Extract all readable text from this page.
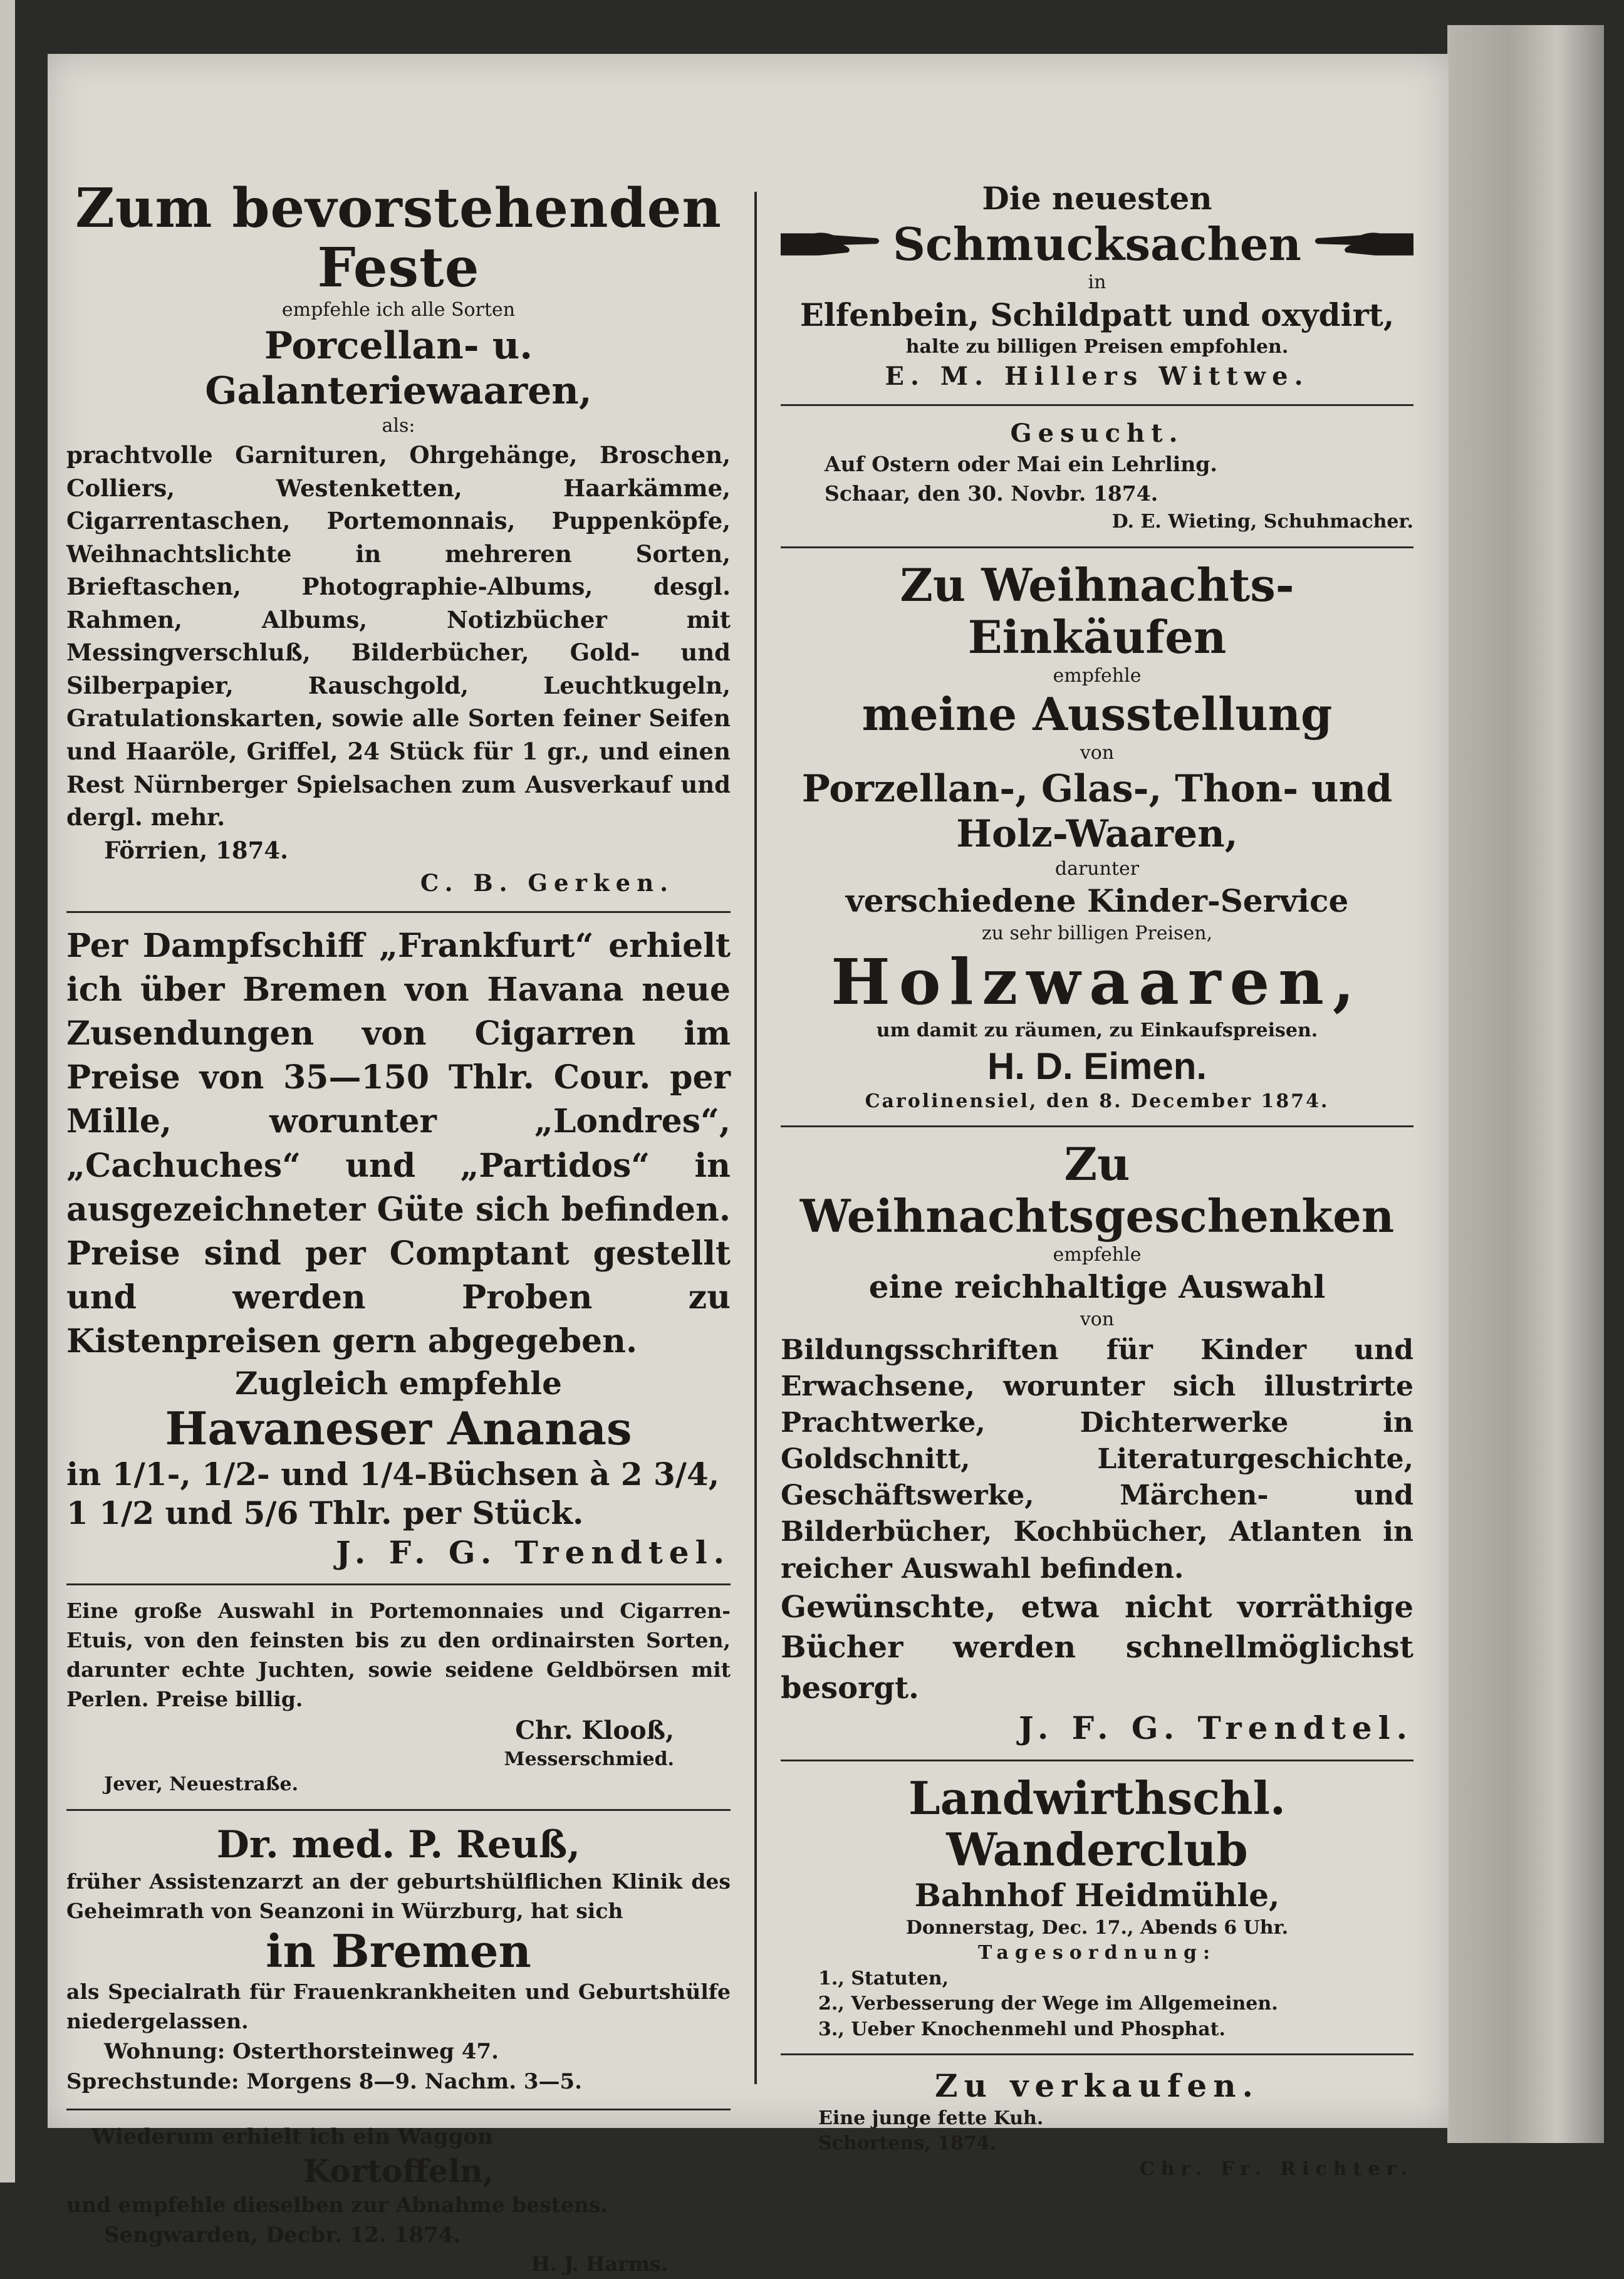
Zum bevorstehenden Feste

empfehle ich alle Sorten

Porcellan- u. Galanteriewaaren,

als:

prachtvolle Garnituren, Ohrgehänge, Broschen, Colliers, Westenketten, Haarkämme, Cigarrentaschen, Portemonnais, Puppenköpfe, Weihnachtslichte in mehreren Sorten, Brieftaschen, Photographie-Albums, desgl. Rahmen, Albums, Notizbücher mit Messingverschluß, Bilderbücher, Gold- und Silberpapier, Rauschgold, Leuchtkugeln, Gratulationskarten, sowie alle Sorten feiner Seifen und Haaröle, Griffel, 24 Stück für 1 gr., und einen Rest Nürnberger Spielsachen zum Ausverkauf und dergl. mehr.

Förrien, 1874.

C. B. Gerken.

Per Dampfschiff „Frankfurt“ erhielt ich über Bremen von Havana neue Zusendungen von Cigarren im Preise von 35—150 Thlr. Cour. per Mille, worunter „Londres“, „Cachuches“ und „Partidos“ in ausgezeichneter Güte sich befinden.

Preise sind per Comptant gestellt und werden Proben zu Kistenpreisen gern abgegeben.

Zugleich empfehle

Havaneser Ananas

in 1/1-, 1/2- und 1/4-Büchsen à 2 3/4,

1 1/2 und 5/6 Thlr. per Stück.

J. F. G. Trendtel.

Eine große Auswahl in Portemonnaies und Cigarren-Etuis, von den feinsten bis zu den ordinairsten Sorten, darunter echte Juchten, sowie seidene Geldbörsen mit Perlen. Preise billig.

Chr. Klooß,

Messerschmied.

Jever, Neuestraße.

Dr. med. P. Reuß,

früher Assistenzarzt an der geburtshülflichen Klinik des Geheimrath von Seanzoni in Würzburg, hat sich

in Bremen

als Specialrath für Frauenkrankheiten und Geburtshülfe niedergelassen.

Wohnung: Osterthorsteinweg 47.

Sprechstunde: Morgens 8—9. Nachm. 3—5.

Wiederum erhielt ich ein Waggon

Kortoffeln,

und empfehle dieselben zur Abnahme bestens.

Sengwarden, Decbr. 12. 1874.

H. J. Harms.

Die neuesten

Schmucksachen

in

Elfenbein, Schildpatt und oxydirt,

halte zu billigen Preisen empfohlen.

E. M. Hillers Wittwe.

Gesucht.

Auf Ostern oder Mai ein Lehrling.

Schaar, den 30. Novbr. 1874.

D. E. Wieting, Schuhmacher.

Zu Weihnachts-Einkäufen

empfehle

meine Ausstellung

von

Porzellan-, Glas-, Thon- und

Holz-Waaren,

darunter

verschiedene Kinder-Service

zu sehr billigen Preisen,

Holzwaaren,

um damit zu räumen, zu Einkaufspreisen.

H. D. Eimen.

Carolinensiel, den 8. December 1874.

Zu Weihnachtsgeschenken

empfehle

eine reichhaltige Auswahl

von

Bildungsschriften für Kinder und Erwachsene, worunter sich illustrirte Prachtwerke, Dichterwerke in Goldschnitt, Literaturgeschichte, Geschäftswerke, Märchen- und Bilderbücher, Kochbücher, Atlanten in reicher Auswahl befinden.

Gewünschte, etwa nicht vorräthige Bücher werden schnellmöglichst besorgt.

J. F. G. Trendtel.

Landwirthschl. Wanderclub

Bahnhof Heidmühle,

Donnerstag, Dec. 17., Abends 6 Uhr.

Tagesordnung:

1., Statuten,

2., Verbesserung der Wege im Allgemeinen.

3., Ueber Knochenmehl und Phosphat.

Zu verkaufen.

Eine junge fette Kuh.

Schortens, 1874.

Chr. Fr. Richter.
